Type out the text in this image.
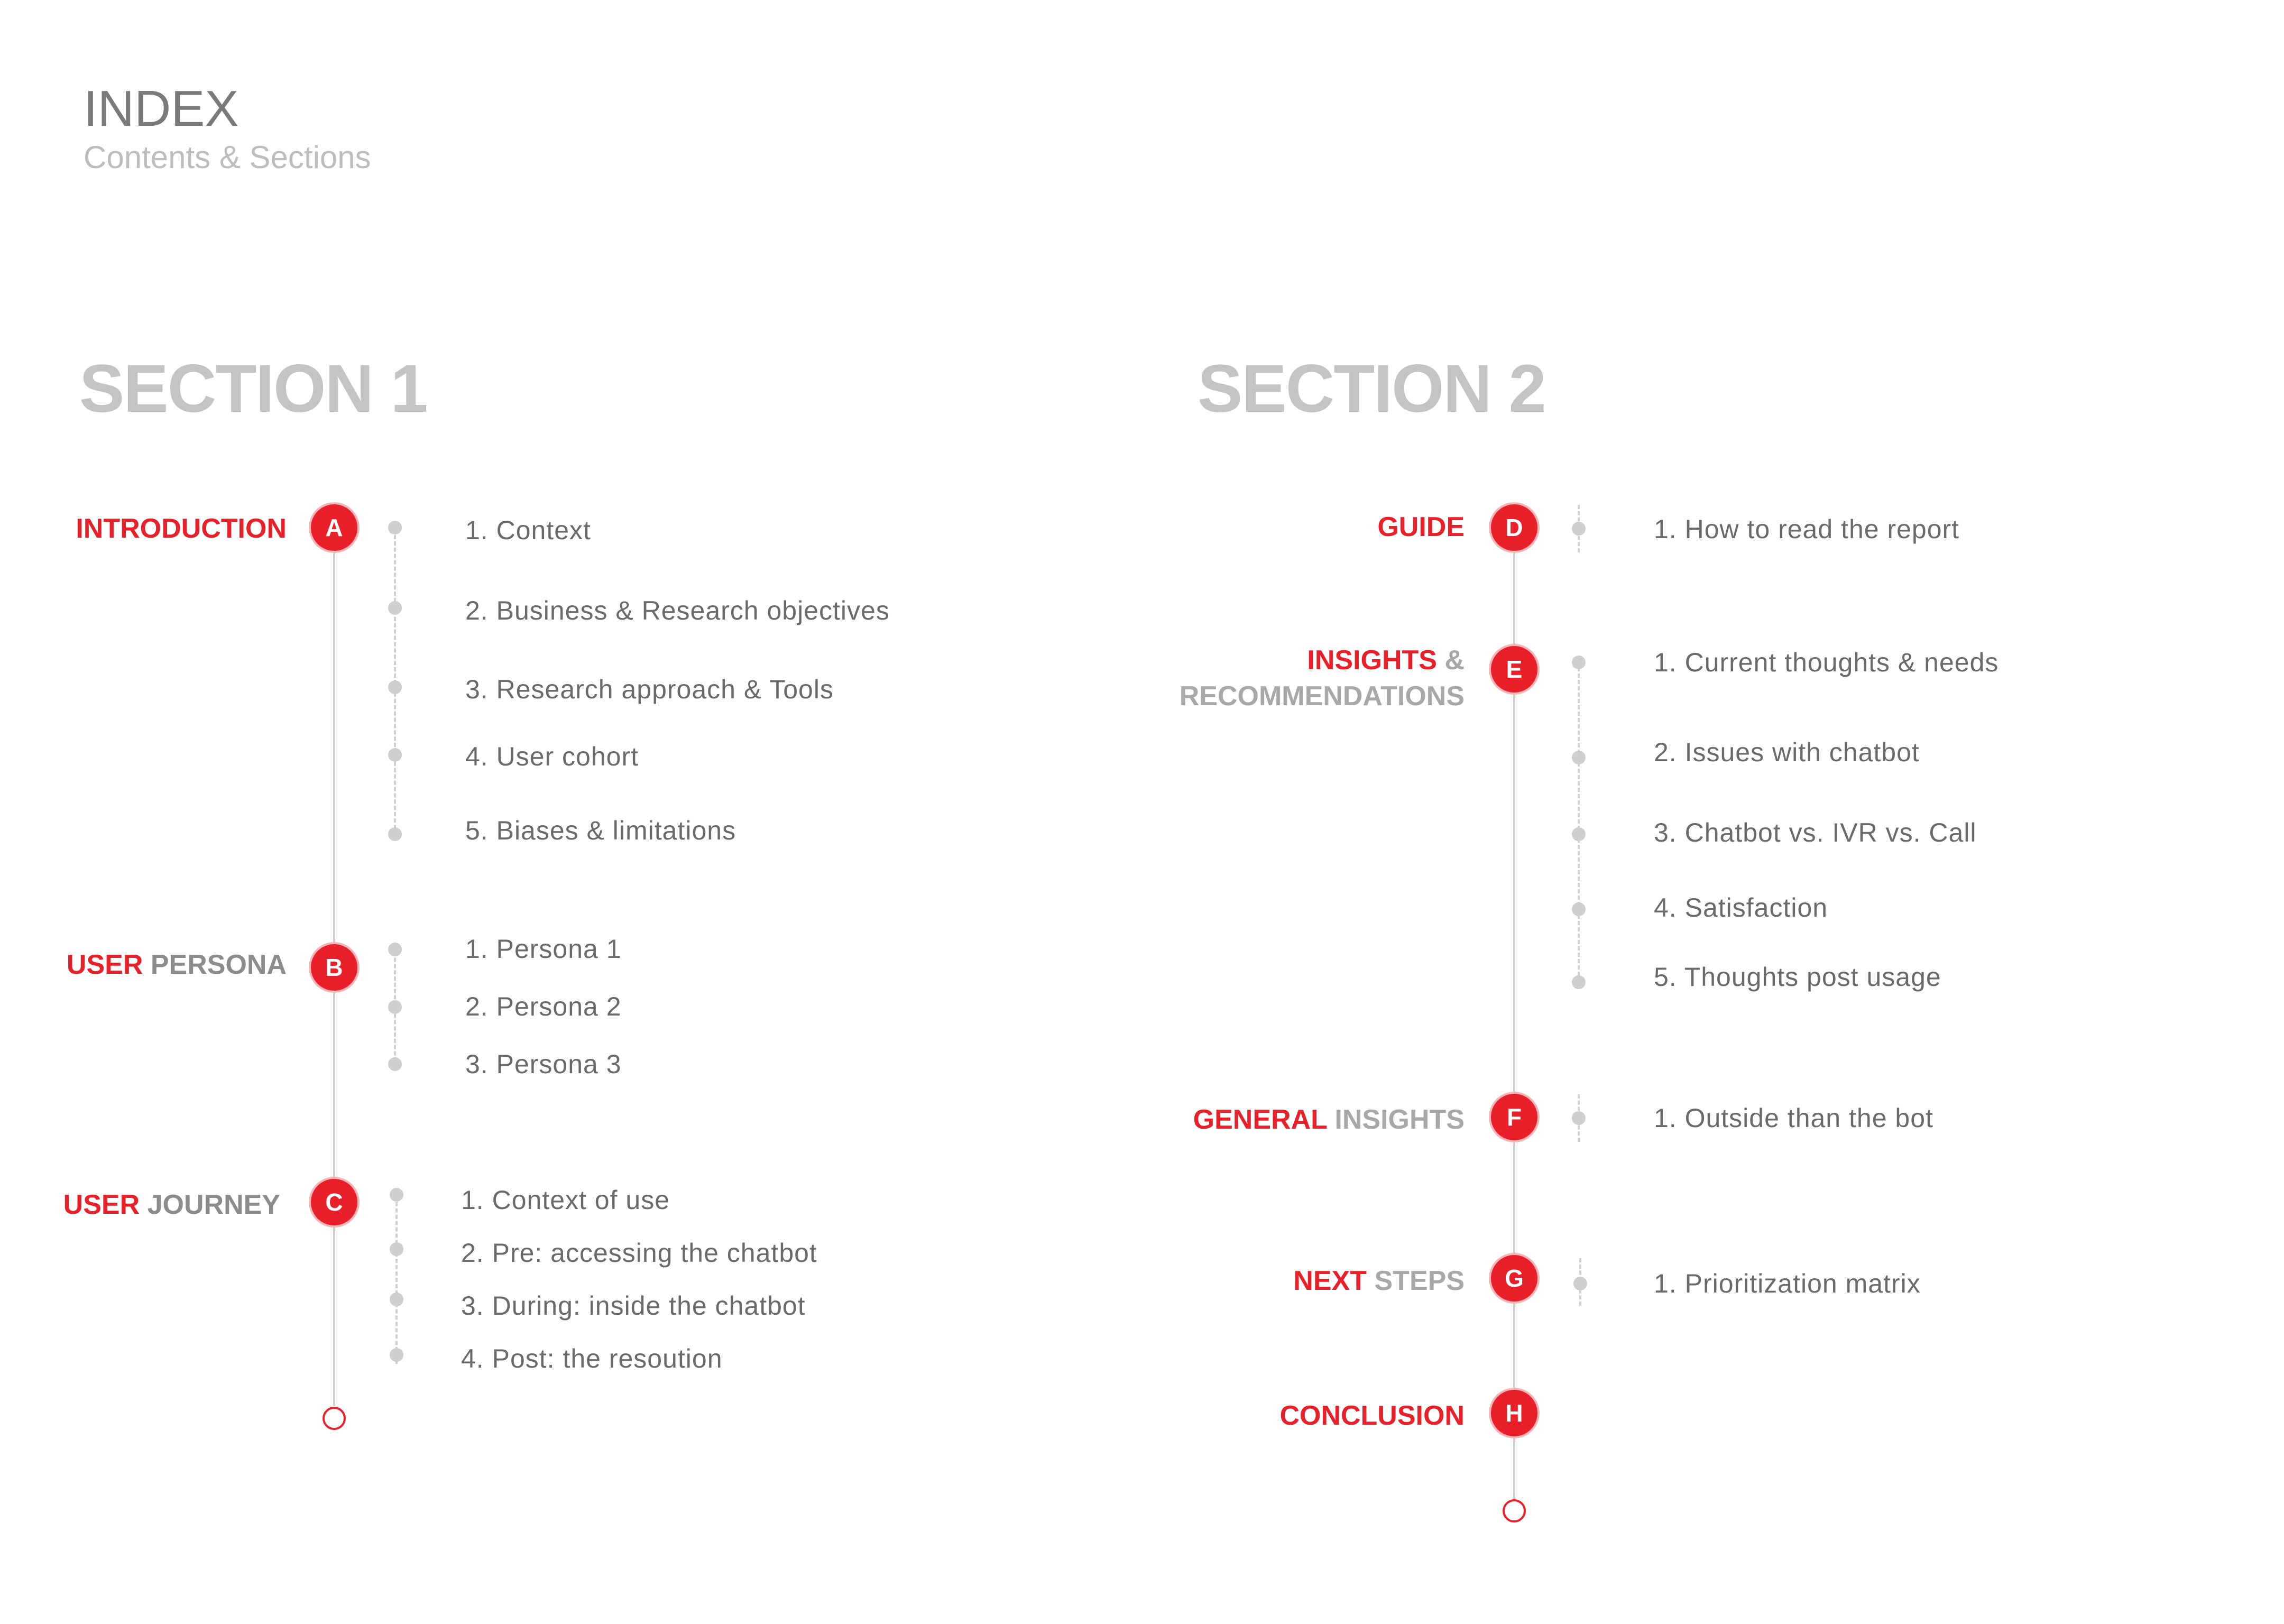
INDEX
Contents & Sections
SECTION 1
INTRODUCTION A	1. Context
2. Business & Research objectives
3. Research approach & Tools
4. User cohort
5. Biases & limitations
USER PERSONA B
1. Persona 1
2. Persona 2
3. Persona 3
USER JOURNEY C	1. Context of use
2. Pre: accessing the chatbot
3. During: inside the chatbot
4. Post: the resoution
SECTION 2
GUIDE D	1. How to read the report
INSIGHTS &
RECOMMENDATIONS
E	1. Current thoughts & needs
2. Issues with chatbot
3. Chatbot vs. IVR vs. Call
4. Satisfaction
5. Thoughts post usage
GENERAL INSIGHTS F	1. Outside than the bot
NEXT STEPS G	1. Prioritization matrix
CONCLUSION H
